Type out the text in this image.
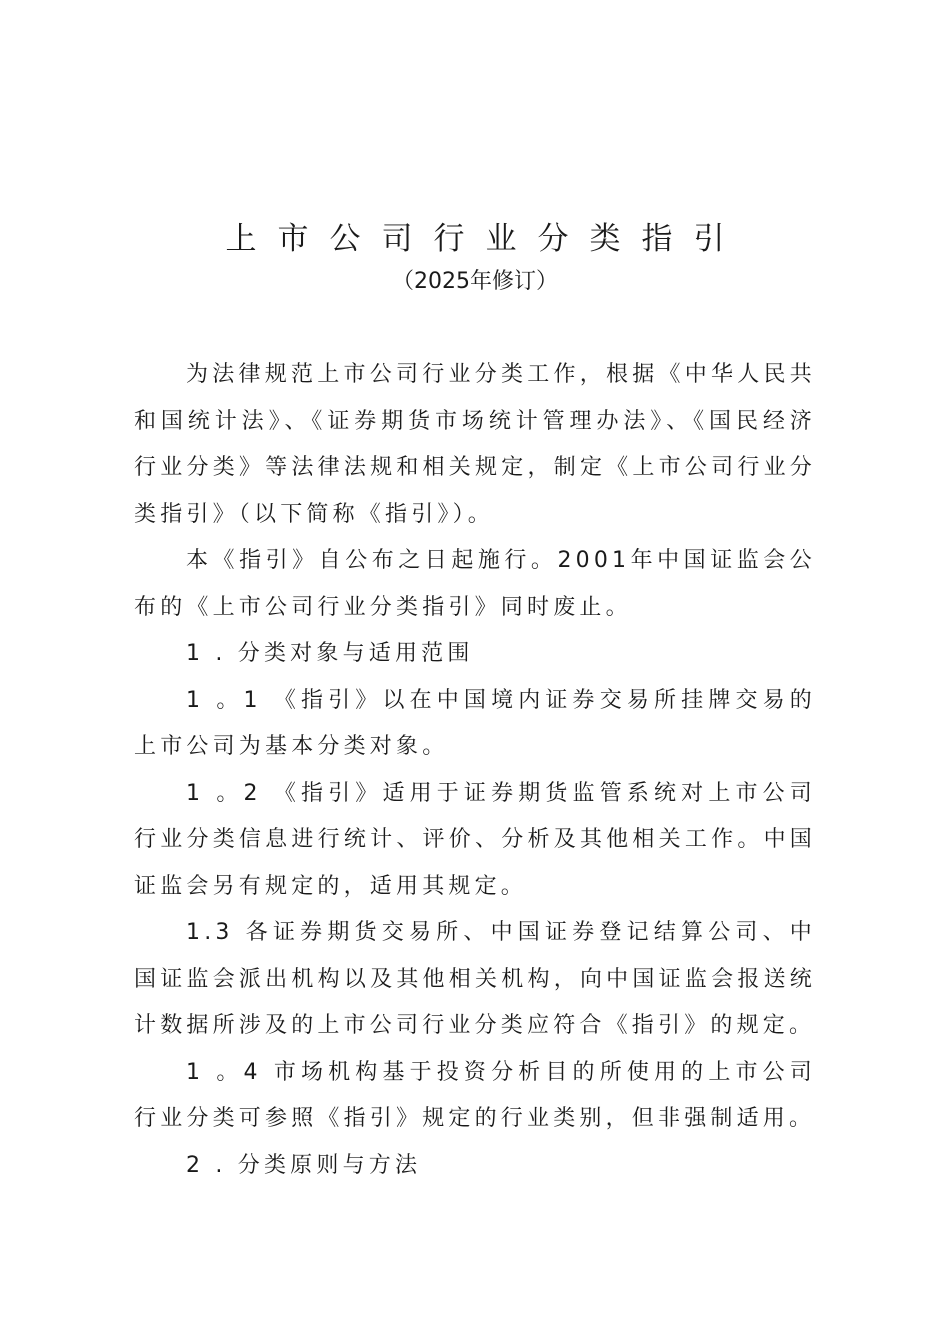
上市公司行业分类指引

（2025年修订）

为法律规范上市公司行业分类工作，根据《中华人民共和国统计法》、《证券期货市场统计管理办法》、《国民经济行业分类》等法律法规和相关规定，制定《上市公司行业分类指引》（以下简称《指引》）。

本《指引》自公布之日起施行。2001年中国证监会公布的《上市公司行业分类指引》同时废止。

1 . 分类对象与适用范围

1 。1 《指引》以在中国境内证券交易所挂牌交易的上市公司为基本分类对象。

1 。2 《指引》适用于证券期货监管系统对上市公司行业分类信息进行统计、评价、分析及其他相关工作。中国证监会另有规定的，适用其规定。

1.3 各证券期货交易所、中国证券登记结算公司、中国证监会派出机构以及其他相关机构，向中国证监会报送统计数据所涉及的上市公司行业分类应符合《指引》的规定。

1 。4 市场机构基于投资分析目的所使用的上市公司行业分类可参照《指引》规定的行业类别，但非强制适用。

2 . 分类原则与方法
